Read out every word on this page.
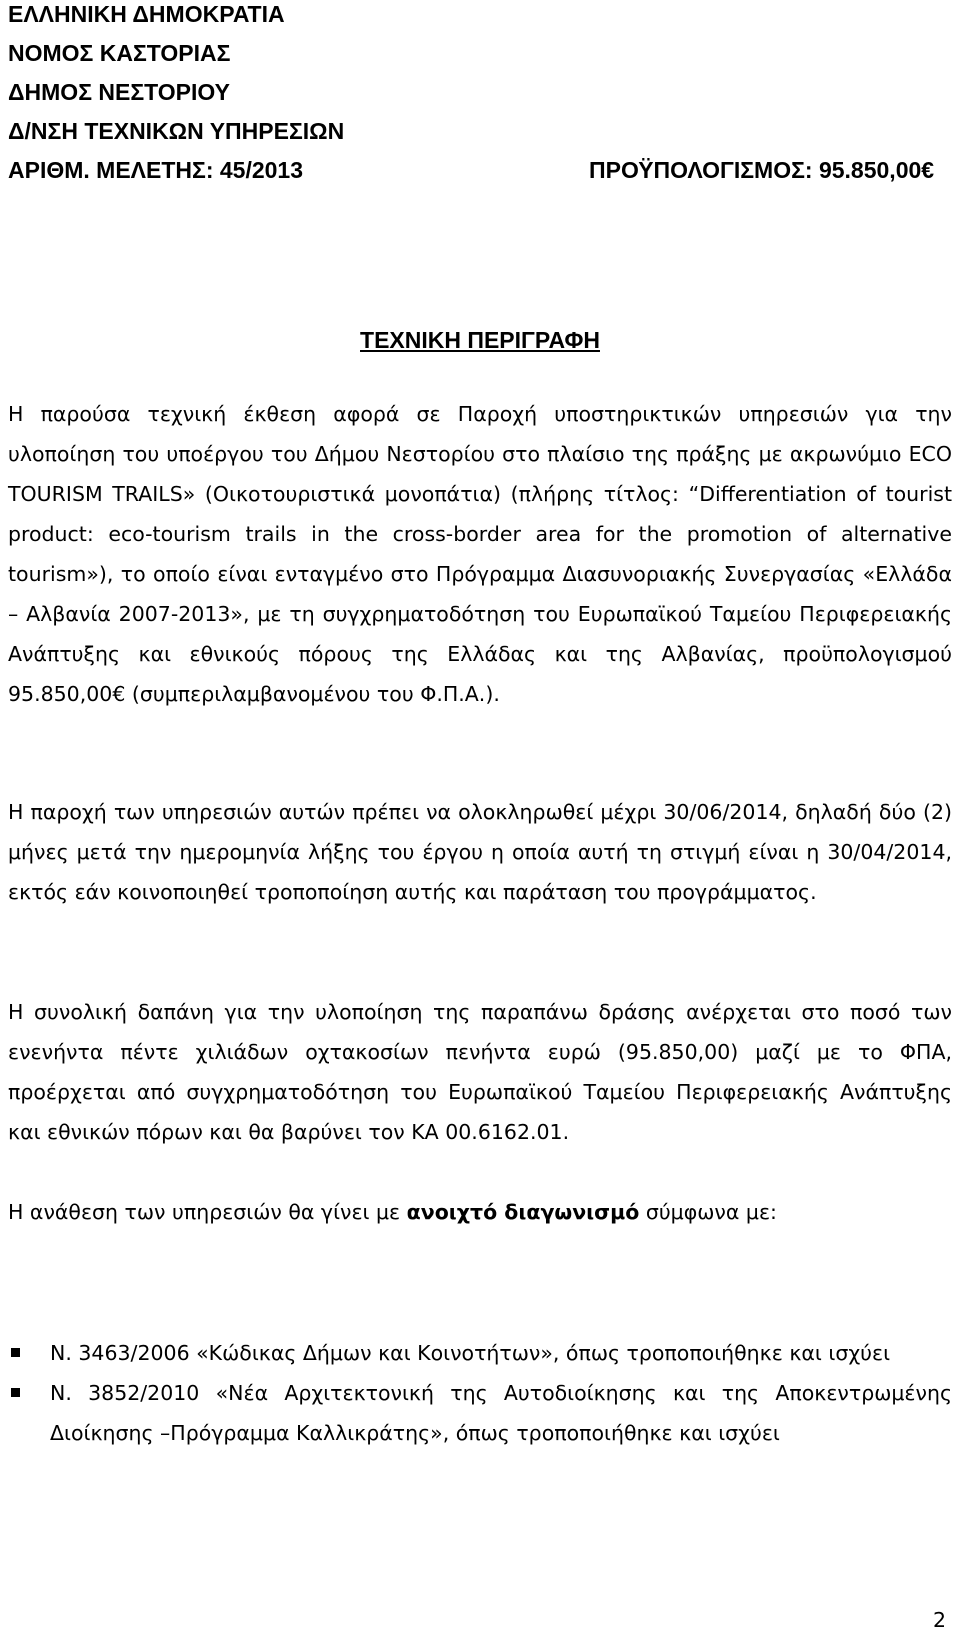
ΕΛΛΗΝΙΚΗ ΔΗΜΟΚΡΑΤΙΑ
ΝΟΜΟΣ ΚΑΣΤΟΡΙΑΣ
ΔΗΜΟΣ ΝΕΣΤΟΡΙΟΥ
Δ/ΝΣΗ ΤΕΧΝΙΚΩΝ ΥΠΗΡΕΣΙΩΝ
ΑΡΙΘΜ. ΜΕΛΕΤΗΣ: 45/2013	ΠΡΟΫΠΟΛΟΓΙΣΜΟΣ: 95.850,00€
ΤΕΧΝΙΚΗ ΠΕΡΙΓΡΑΦΗ

Η παρούσα τεχνική έκθεση αφορά σε Παροχή υποστηρικτικών υπηρεσιών για την υλοποίηση του υποέργου του Δήμου Νεστορίου στο πλαίσιο της πράξης με ακρωνύμιο ECO TOURISM TRAILS» (Οικοτουριστικά μονοπάτια) (πλήρης τίτλος: “Differentiation of tourist product: eco-tourism trails in the cross-border area for the promotion of alternative tourism»), το οποίο είναι ενταγμένο στο Πρόγραμμα Διασυνοριακής Συνεργασίας «Ελλάδα – Αλβανία 2007-2013», με τη συγχρηματοδότηση του Ευρωπαϊκού Ταμείου Περιφερειακής Ανάπτυξης και εθνικούς πόρους της Ελλάδας και της Αλβανίας, προϋπολογισμού 95.850,00€ (συμπεριλαμβανομένου του Φ.Π.Α.).

Η παροχή των υπηρεσιών αυτών πρέπει να ολοκληρωθεί μέχρι 30/06/2014, δηλαδή δύο (2) μήνες μετά την ημερομηνία λήξης του έργου η οποία αυτή τη στιγμή είναι η 30/04/2014, εκτός εάν κοινοποιηθεί τροποποίηση αυτής και παράταση του προγράμματος.

Η συνολική δαπάνη για την υλοποίηση της παραπάνω δράσης ανέρχεται στο ποσό των ενενήντα πέντε χιλιάδων οχτακοσίων πενήντα ευρώ (95.850,00) μαζί με το ΦΠΑ, προέρχεται από συγχρηματοδότηση του Ευρωπαϊκού Ταμείου Περιφερειακής Ανάπτυξης και εθνικών πόρων και θα βαρύνει τον ΚΑ 00.6162.01.

Η ανάθεση των υπηρεσιών θα γίνει με ανοιχτό διαγωνισμό σύμφωνα με:

Ν. 3463/2006 «Κώδικας Δήμων και Κοινοτήτων», όπως τροποποιήθηκε και ισχύει
Ν. 3852/2010 «Νέα Αρχιτεκτονική της Αυτοδιοίκησης και της Αποκεντρωμένης Διοίκησης –Πρόγραμμα Καλλικράτης», όπως τροποποιήθηκε και ισχύει
2
